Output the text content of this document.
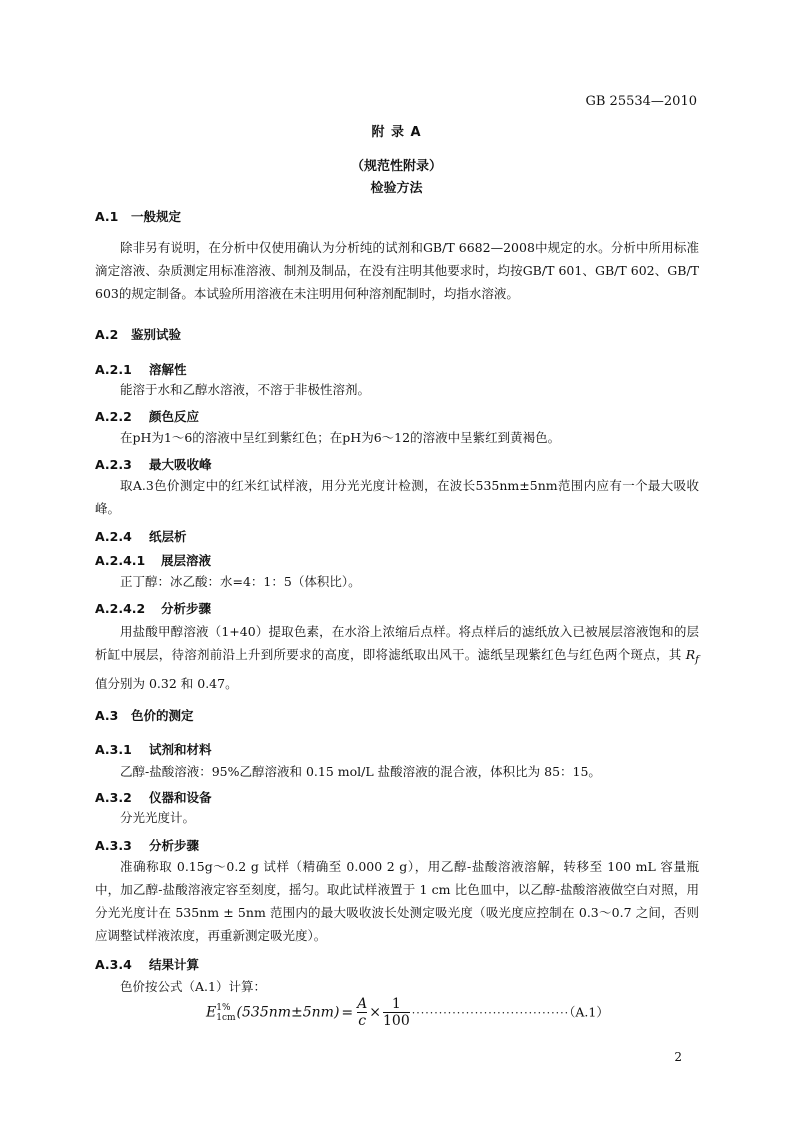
GB 25534—2010
附 录 A
（规范性附录）
检验方法
A.1 一般规定
除非另有说明，在分析中仅使用确认为分析纯的试剂和GB/T 6682—2008中规定的水。分析中所用标准滴定溶液、杂质测定用标准溶液、制剂及制品，在没有注明其他要求时，均按GB/T 601、GB/T 602、GB/T 603的规定制备。本试验所用溶液在未注明用何种溶剂配制时，均指水溶液。
A.2 鉴别试验
A.2.1 溶解性
能溶于水和乙醇水溶液，不溶于非极性溶剂。
A.2.2 颜色反应
在pH为1～6的溶液中呈红到紫红色；在pH为6～12的溶液中呈紫红到黄褐色。
A.2.3 最大吸收峰
取A.3色价测定中的红米红试样液，用分光光度计检测，在波长535nm±5nm范围内应有一个最大吸收峰。
A.2.4 纸层析
A.2.4.1 展层溶液
正丁醇：冰乙酸：水=4：1：5（体积比）。
A.2.4.2 分析步骤
用盐酸甲醇溶液（1+40）提取色素，在水浴上浓缩后点样。将点样后的滤纸放入已被展层溶液饱和的层析缸中展层，待溶剂前沿上升到所要求的高度，即将滤纸取出风干。滤纸呈现紫红色与红色两个斑点，其 $R_f$值分别为 0.32 和 0.47。
A.3 色价的测定
A.3.1 试剂和材料
乙醇-盐酸溶液：95%乙醇溶液和 0.15 mol/L 盐酸溶液的混合液，体积比为 85：15。
A.3.2 仪器和设备
分光光度计。
A.3.3 分析步骤
准确称取 0.15g～0.2 g 试样（精确至 0.000 2 g），用乙醇-盐酸溶液溶解，转移至 100 mL 容量瓶中，加乙醇-盐酸溶液定容至刻度，摇匀。取此试样液置于 1 cm 比色皿中，以乙醇-盐酸溶液做空白对照，用分光光度计在 535nm ± 5nm 范围内的最大吸收波长处测定吸光度（吸光度应控制在 0.3～0.7 之间，否则应调整试样液浓度，再重新测定吸光度）。
A.3.4 结果计算
色价按公式（A.1）计算：
E 1%
1cm $(535nm\pm 5nm) = \frac{A}{c} \times \frac{1}{100} \cdot\cdot\cdot\cdot\cdot\cdot\cdot\cdot\cdot\cdot\cdot\cdot\cdot\cdot\cdot\cdot\cdot\cdot\cdot\cdot\cdot\cdot\cdot\cdot\cdot\cdot\cdot\cdot\cdot\cdot\cdot\cdot\cdot\cdot\cdot(A.1)$
2
